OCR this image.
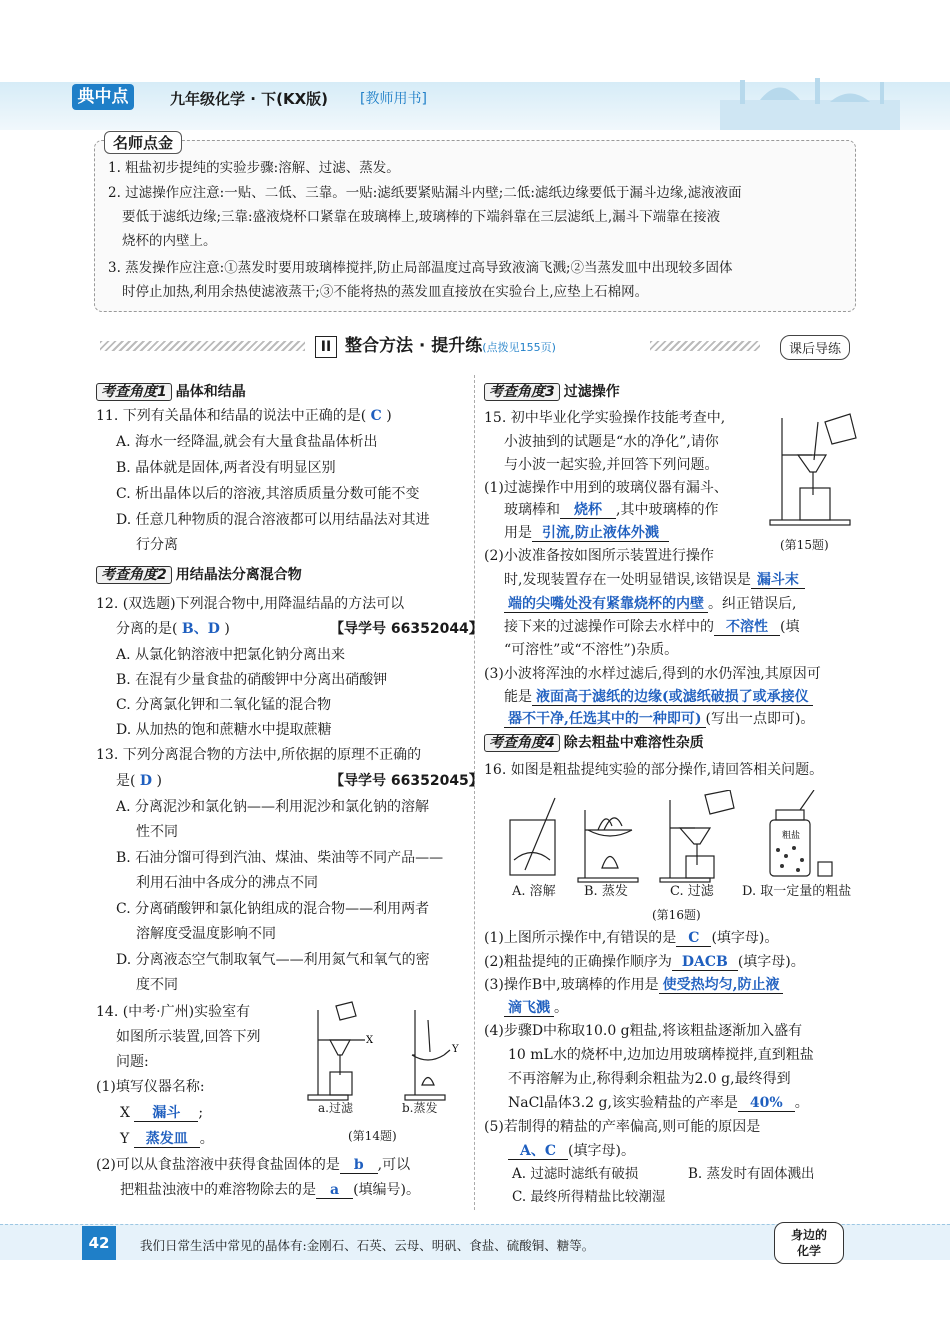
典中点	九年级化学 · 下(KX版) [教师用书]
名师点金
1. 粗盐初步提纯的实验步骤:溶解、过滤、蒸发。
2. 过滤操作应注意:一贴、二低、三靠。一贴:滤纸要紧贴漏斗内壁;二低:滤纸边缘要低于漏斗边缘,滤液液面
要低于滤纸边缘;三靠:盛液烧杯口紧靠在玻璃棒上,玻璃棒的下端斜靠在三层滤纸上,漏斗下端靠在接液
烧杯的内壁上。
3. 蒸发操作应注意:①蒸发时要用玻璃棒搅拌,防止局部温度过高导致液滴飞溅;②当蒸发皿中出现较多固体
时停止加热,利用余热使滤液蒸干;③不能将热的蒸发皿直接放在实验台上,应垫上石棉网。
II 整合方法 · 提升练(点拨见155页)	课后导练
考查角度1 晶体和结晶
11. 下列有关晶体和结晶的说法中正确的是( C )
A. 海水一经降温,就会有大量食盐晶体析出
B. 晶体就是固体,两者没有明显区别
C. 析出晶体以后的溶液,其溶质质量分数可能不变
D. 任意几种物质的混合溶液都可以用结晶法对其进
行分离
考查角度2 用结晶法分离混合物
12. (双选题)下列混合物中,用降温结晶的方法可以
分离的是( B、D )	【导学号 66352044】
A. 从氯化钠溶液中把氯化钠分离出来
B. 在混有少量食盐的硝酸钾中分离出硝酸钾
C. 分离氯化钾和二氧化锰的混合物
D. 从加热的饱和蔗糖水中提取蔗糖
13. 下列分离混合物的方法中,所依据的原理不正确的
是( D )	【导学号 66352045】
A. 分离泥沙和氯化钠——利用泥沙和氯化钠的溶解
性不同
B. 石油分馏可得到汽油、煤油、柴油等不同产品——
利用石油中各成分的沸点不同
C. 分离硝酸钾和氯化钠组成的混合物——利用两者
溶解度受温度影响不同
D. 分离液态空气制取氧气——利用氮气和氧气的密
度不同
14. (中考·广州)实验室有
如图所示装置,回答下列
问题:
(1)填写仪器名称:
X 漏斗 ;
Y 蒸发皿 。
X
Y
a.过滤	b.蒸发
(第14题)
(2)可以从食盐溶液中获得食盐固体的是 b ,可以
把粗盐浊液中的难溶物除去的是 a (填编号)。
考查角度3 过滤操作
15. 初中毕业化学实验操作技能考查中,
小波抽到的试题是“水的净化”,请你
与小波一起实验,并回答下列问题。
(1)过滤操作中用到的玻璃仪器有漏斗、
玻璃棒和 烧杯 ,其中玻璃棒的作
用是 引流,防止液体外溅
(第15题)
(2)小波准备按如图所示装置进行操作
时,发现装置存在一处明显错误,该错误是 漏斗末
端的尖嘴处没有紧靠烧杯的内壁 。纠正错误后,
接下来的过滤操作可除去水样中的 不溶性 (填
“可溶性”或“不溶性”)杂质。
(3)小波将浑浊的水样过滤后,得到的水仍浑浊,其原因可
能是 液面高于滤纸的边缘(或滤纸破损了或承接仪
器不干净,任选其中的一种即可) (写出一点即可)。
考查角度4 除去粗盐中难溶性杂质
16. 如图是粗盐提纯实验的部分操作,请回答相关问题。
粗盐
A. 溶解 B. 蒸发	C. 过滤 D. 取一定量的粗盐
(第16题)
(1)上图所示操作中,有错误的是 C (填字母)。
(2)粗盐提纯的正确操作顺序为 DACB (填字母)。
(3)操作B中,玻璃棒的作用是 使受热均匀,防止液
滴飞溅 。
(4)步骤D中称取10.0 g粗盐,将该粗盐逐渐加入盛有
10 mL水的烧杯中,边加边用玻璃棒搅拌,直到粗盐
不再溶解为止,称得剩余粗盐为2.0 g,最终得到
NaCl晶体3.2 g,该实验精盐的产率是 40% 。
(5)若制得的精盐的产率偏高,则可能的原因是
A、C (填字母)。
A. 过滤时滤纸有破损	B. 蒸发时有固体溅出
C. 最终所得精盐比较潮湿
42	我们日常生活中常见的晶体有:金刚石、石英、云母、明矾、食盐、硫酸铜、糖等。
身边的
化学
